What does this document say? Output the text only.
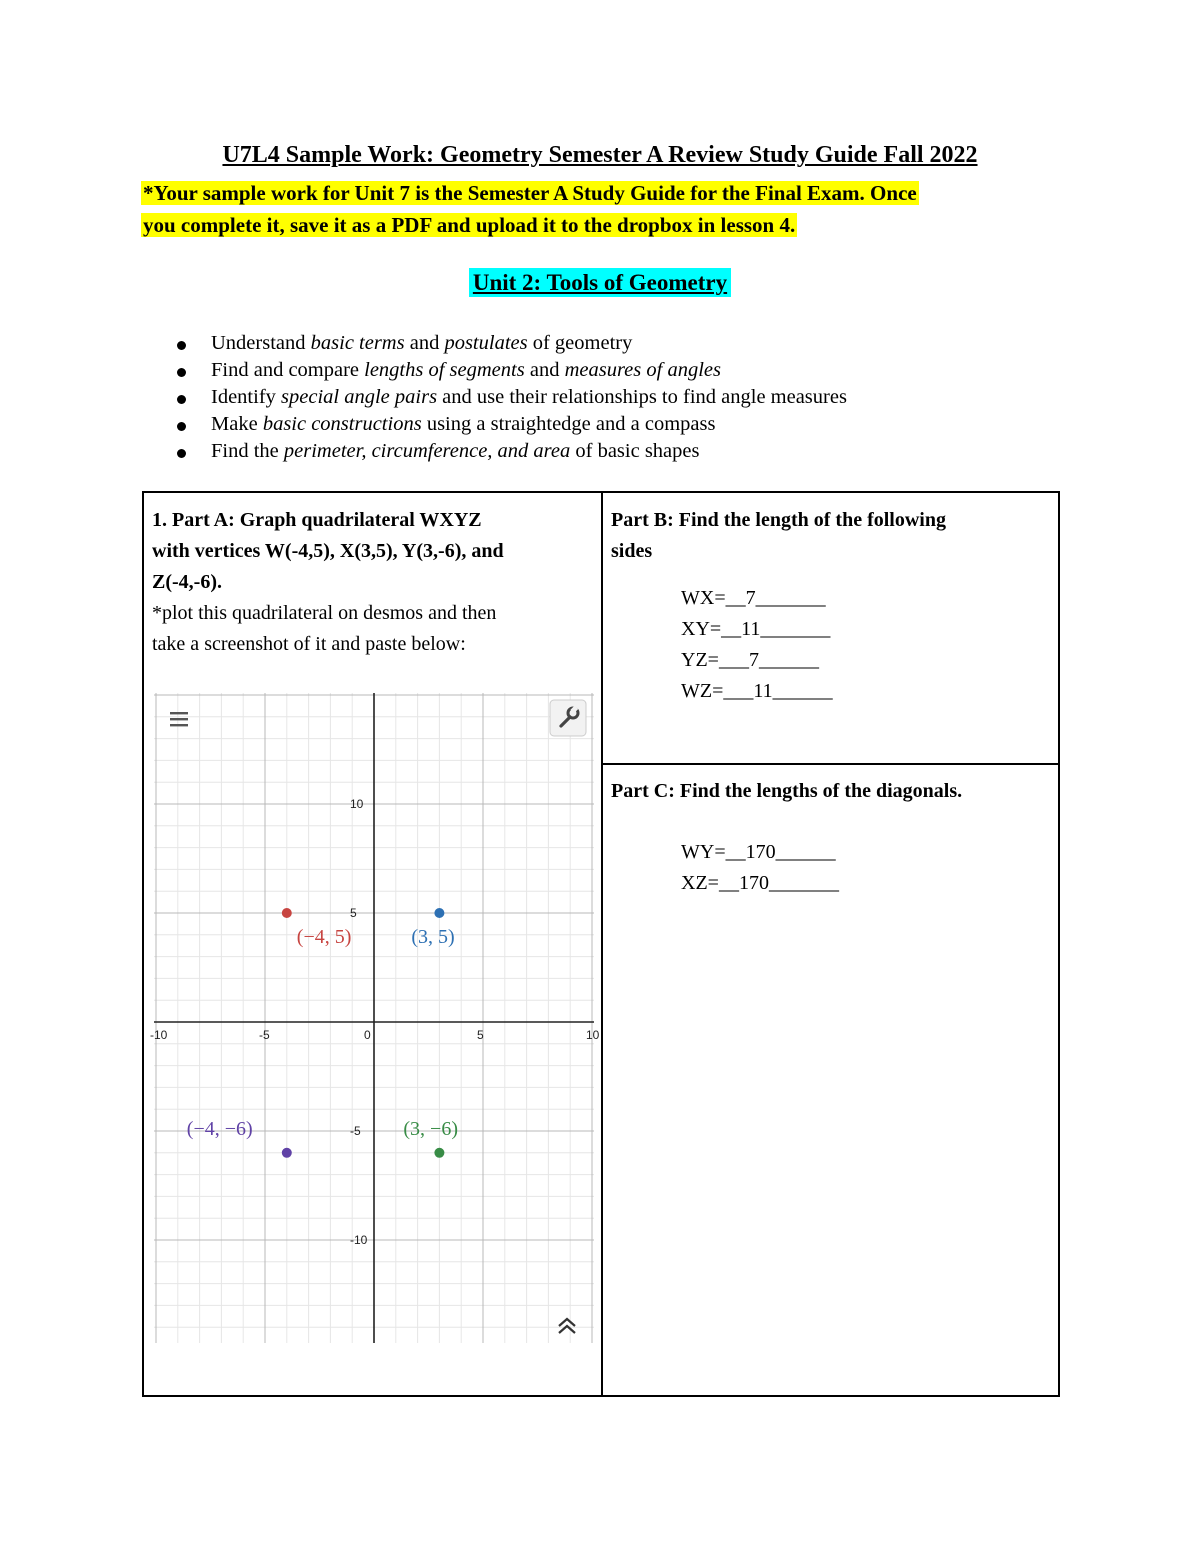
U7L4 Sample Work: Geometry Semester A Review Study Guide Fall 2022
*Your sample work for Unit 7 is the Semester A Study Guide for the Final Exam. Once
you complete it, save it as a PDF and upload it to the dropbox in lesson 4.
Unit 2: Tools of Geometry
Understand basic terms and postulates of geometry
Find and compare lengths of segments and measures of angles
Identify special angle pairs and use their relationships to find angle measures
Make basic constructions using a straightedge and a compass
Find the perimeter, circumference, and area of basic shapes
1. Part A: Graph quadrilateral WXYZ
with vertices W(-4,5), X(3,5), Y(3,-6), and
Z(-4,-6).
*plot this quadrilateral on desmos and then
take a screenshot of it and paste below:
Part B: Find the length of the following
sides
WX=__7_______
XY=__11_______
YZ=___7______
WZ=___11______
Part C: Find the lengths of the diagonals.
WY=__170______
XZ=__170_______
-10	-5	0	5	10
10
5
-5
-10
(−4, 5)	(3, 5)
(−4, −6)	(3, −6)
